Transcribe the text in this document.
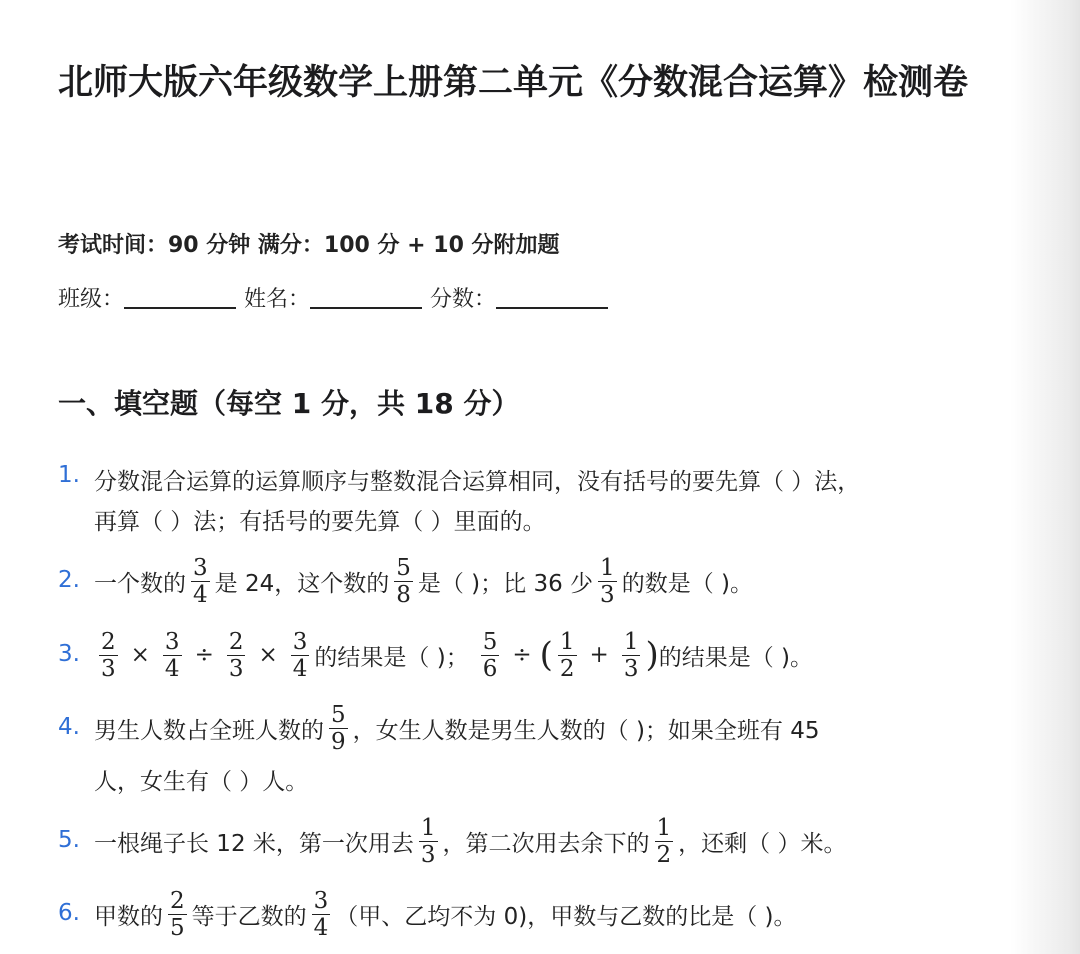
北师大版六年级数学上册第二单元《分数混合运算》检测卷
考试时间：90 分钟 满分：100 分 + 10 分附加题
班级：	姓名：	分数：
一、填空题（每空 1 分，共 18 分）
1. 分数混合运算的运算顺序与整数混合运算相同，没有括号的要先算（ ）法，
再算（ ）法；有括号的要先算（ ）里面的。
2. 一个数的 $\frac{3}{4}$ 是 24，这个数的 $\frac{5}{8}$ 是（ )；比 36 少 $\frac{1}{3}$ 的数是（ )。
3. $\frac{2}{3} \times \frac{3}{4} \div \frac{2}{3} \times \frac{3}{4}$ 的结果是（ )； $\frac{5}{6}$ ÷ ( $\frac{1}{2} + \frac{1}{3}$ ) 的结果是（ )。
4. 男生人数占全班人数的 $\frac{5}{9}$ ，女生人数是男生人数的（ )；如果全班有 45
人，女生有（ ）人。
5. 一根绳子长 12 米，第一次用去 $\frac{1}{3}$ ，第二次用去余下的 $\frac{1}{2}$ ，还剩（ ）米。
6. 甲数的 $\frac{2}{5}$ 等于乙数的 $\frac{3}{4}$ （甲、乙均不为 0)，甲数与乙数的比是（ )。
